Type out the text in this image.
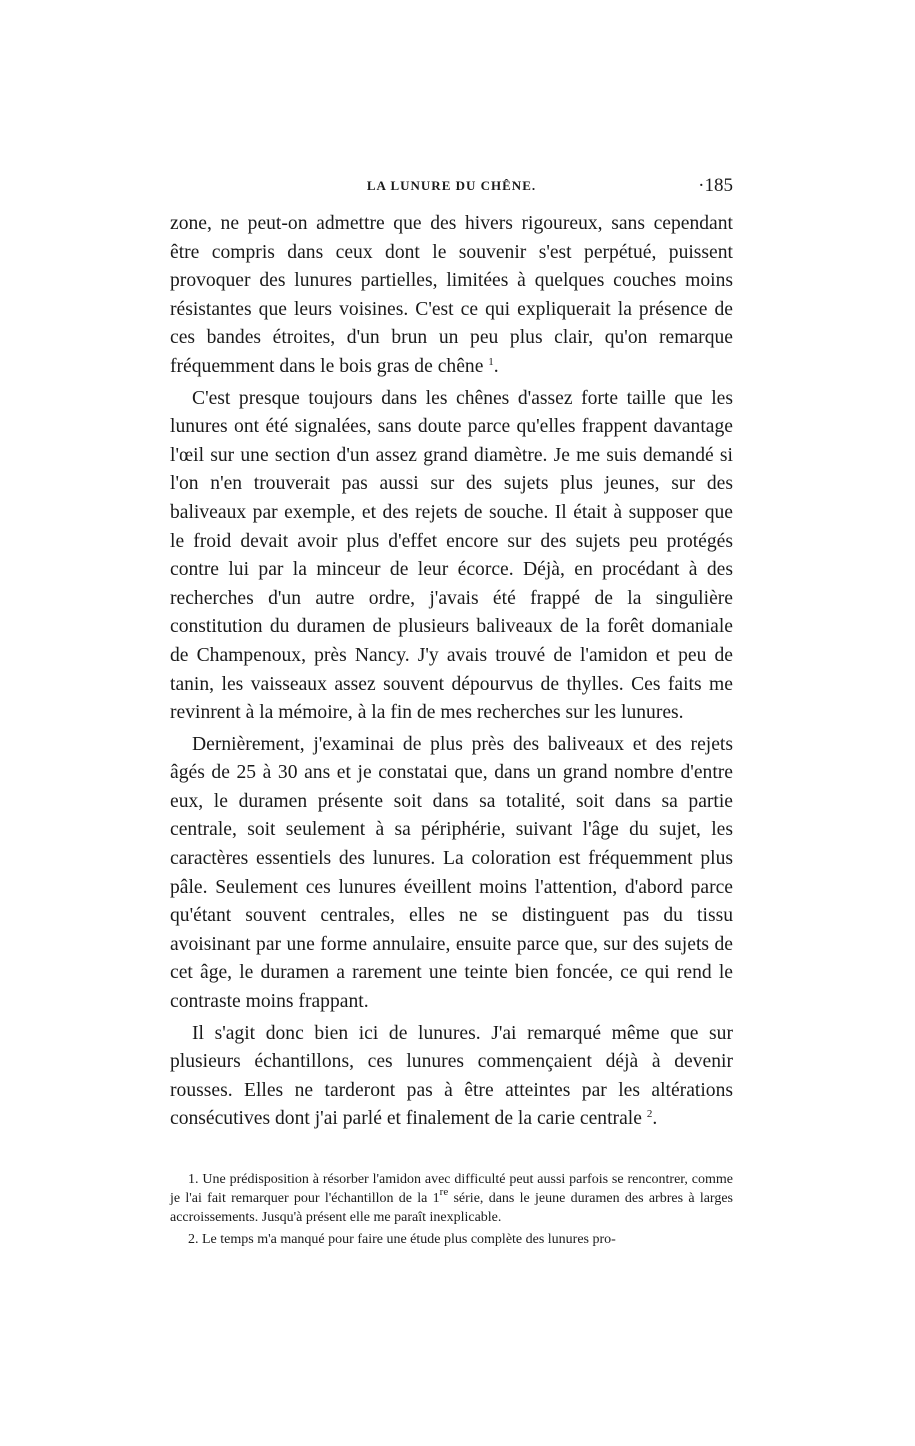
LA LUNURE DU CHÊNE.	·185

zone, ne peut-on admettre que des hivers rigoureux, sans cependant être compris dans ceux dont le souvenir s'est perpétué, puissent provoquer des lunures partielles, limitées à quelques couches moins résistantes que leurs voisines. C'est ce qui expliquerait la présence de ces bandes étroites, d'un brun un peu plus clair, qu'on remarque fréquemment dans le bois gras de chêne $^1$.

C'est presque toujours dans les chênes d'assez forte taille que les lunures ont été signalées, sans doute parce qu'elles frappent davantage l'œil sur une section d'un assez grand diamètre. Je me suis demandé si l'on n'en trouverait pas aussi sur des sujets plus jeunes, sur des baliveaux par exemple, et des rejets de souche. Il était à supposer que le froid devait avoir plus d'effet encore sur des sujets peu protégés contre lui par la minceur de leur écorce. Déjà, en procédant à des recherches d'un autre ordre, j'avais été frappé de la singulière constitution du duramen de plusieurs baliveaux de la forêt domaniale de Champenoux, près Nancy. J'y avais trouvé de l'amidon et peu de tanin, les vaisseaux assez souvent dépourvus de thylles. Ces faits me revinrent à la mémoire, à la fin de mes recherches sur les lunures.

Dernièrement, j'examinai de plus près des baliveaux et des rejets âgés de 25 à 30 ans et je constatai que, dans un grand nombre d'entre eux, le duramen présente soit dans sa totalité, soit dans sa partie centrale, soit seulement à sa périphérie, suivant l'âge du sujet, les caractères essentiels des lunures. La coloration est fréquemment plus pâle. Seulement ces lunures éveillent moins l'attention, d'abord parce qu'étant souvent centrales, elles ne se distinguent pas du tissu avoisinant par une forme annulaire, ensuite parce que, sur des sujets de cet âge, le duramen a rarement une teinte bien foncée, ce qui rend le contraste moins frappant.

Il s'agit donc bien ici de lunures. J'ai remarqué même que sur plusieurs échantillons, ces lunures commençaient déjà à devenir rousses. Elles ne tarderont pas à être atteintes par les altérations consécutives dont j'ai parlé et finalement de la carie centrale $^2$.

1. Une prédisposition à résorber l'amidon avec difficulté peut aussi parfois se rencontrer, comme je l'ai fait remarquer pour l'échantillon de la 1re série, dans le jeune duramen des arbres à larges accroissements. Jusqu'à présent elle me paraît inexplicable.

2. Le temps m'a manqué pour faire une étude plus complète des lunures pro-
